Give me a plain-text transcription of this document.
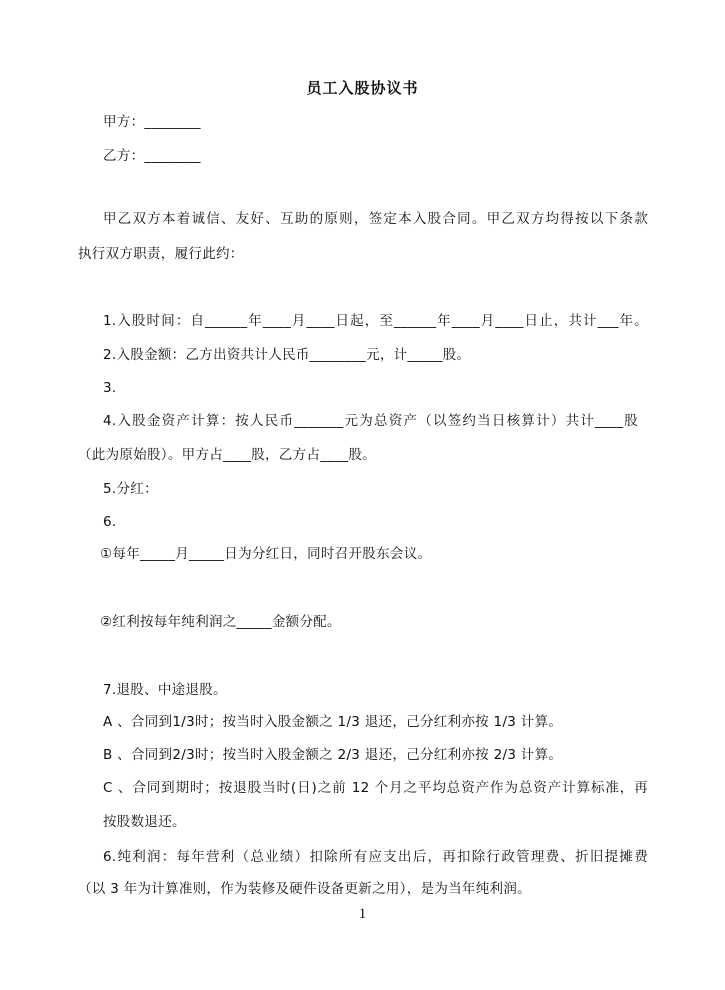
员工入股协议书
甲方：________
乙方：________
甲乙双方本着诚信、友好、互助的原则，签定本入股合同。甲乙双方均得按以下条款
执行双方职责，履行此约：
1.入股时间：自______年____月____日起，至______年____月____日止，共计___年。
2.入股金额：乙方出资共计人民币________元，计_____股。
3.
4.入股金资产计算：按人民币_______元为总资产（以签约当日核算计）共计____股
（此为原始股）。甲方占____股，乙方占____股。
5.分红：
6.
①每年_____月_____日为分红日，同时召开股东会议。
②红利按每年纯利润之_____金额分配。
7.退股、中途退股。
A 、合同到1/3时；按当时入股金额之 1/3 退还，己分红利亦按 1/3 计算。
B 、合同到2/3时；按当时入股金额之 2/3 退还，己分红利亦按 2/3 计算。
C 、合同到期时；按退股当时(日)之前 12 个月之平均总资产作为总资产计算标准，再
按股数退还。
6.纯利润：每年营利（总业绩）扣除所有应支出后，再扣除行政管理费、折旧提摊费
（以 3 年为计算准则，作为装修及硬件设备更新之用），是为当年纯利润。
1
